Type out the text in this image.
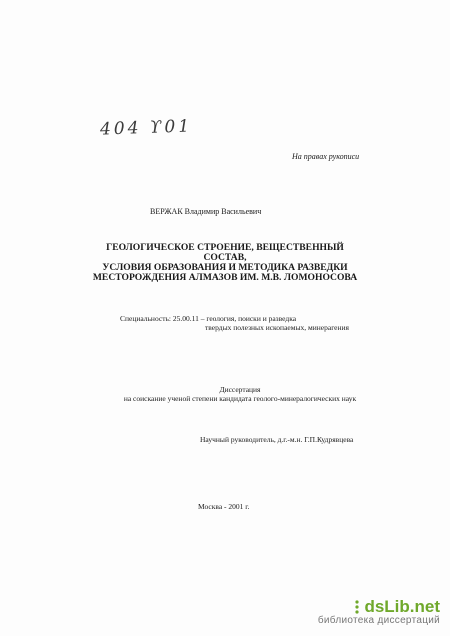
404 ϒ01
На правах рукописи
ВЕРЖАК Владимир Васильевич
ГЕОЛОГИЧЕСКОЕ СТРОЕНИЕ, ВЕЩЕСТВЕННЫЙ СОСТАВ,
УСЛОВИЯ ОБРАЗОВАНИЯ И МЕТОДИКА РАЗВЕДКИ
МЕСТОРОЖДЕНИЯ АЛМАЗОВ ИМ. М.В. ЛОМОНОСОВА
Специальность: 25.00.11 – геология, поиски и разведка
твердых полезных ископаемых, минерагения
Диссертация
на соискание ученой степени кандидата геолого-минералогических наук
Научный руководитель, д.г.-м.н. Г.П.Кудрявцева
Москва - 2001 г.
dsLib.net
библиотека диссертаций
